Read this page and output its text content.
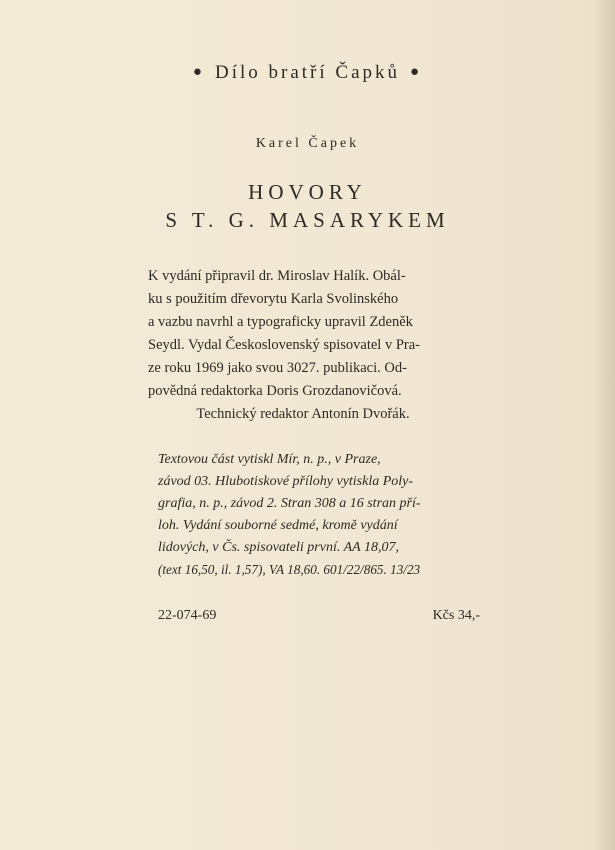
● Dílo bratří Čapků ●
Karel Čapek
HOVORY
S T. G. MASARYKEM
K vydání připravil dr. Miroslav Halík. Obál-
ku s použitím dřevorytu Karla Svolinského
a vazbu navrhl a typograficky upravil Zdeněk
Seydl. Vydal Československý spisovatel v Pra-
ze roku 1969 jako svou 3027. publikaci. Od-
povědná redaktorka Doris Grozdanovičová.
Technický redaktor Antonín Dvořák.
Textovou část vytiskl Mír, n. p., v Praze,
závod 03. Hlubotiskové přílohy vytiskla Poly-
grafia, n. p., závod 2. Stran 308 a 16 stran pří-
loh. Vydání souborné sedmé, kromě vydání
lidových, v Čs. spisovateli první. AA 18,07,
(text 16,50, il. 1,57), VA 18,60. 601/22/865. 13/23
22-074-69	Kčs 34,-
